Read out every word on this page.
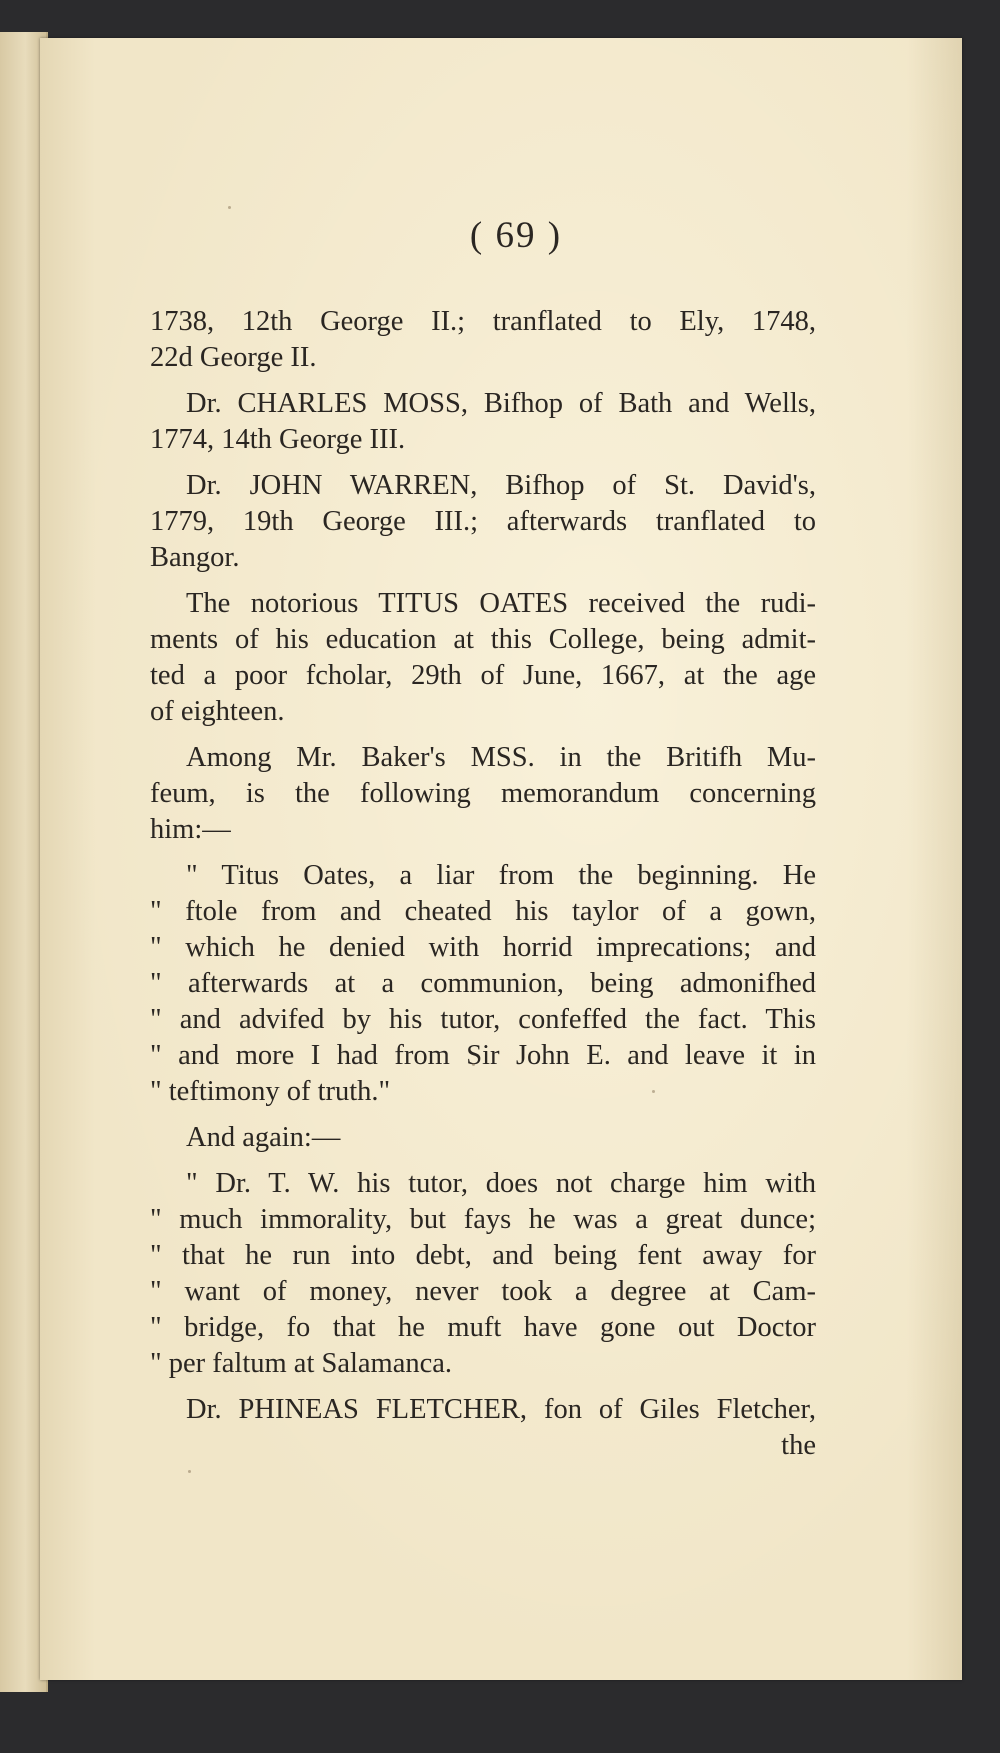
( 69 )
1738, 12th George II.; tranflated to Ely, 1748,
22d George II.
Dr. CHARLES MOSS, Bifhop of Bath and Wells,
1774, 14th George III.
Dr. JOHN WARREN, Bifhop of St. David's,
1779, 19th George III.; afterwards tranflated to
Bangor.
The notorious TITUS OATES received the rudi-
ments of his education at this College, being admit-
ted a poor fcholar, 29th of June, 1667, at the age
of eighteen.
Among Mr. Baker's MSS. in the Britifh Mu-
feum, is the following memorandum concerning
him:—
" Titus Oates, a liar from the beginning. He
" ftole from and cheated his taylor of a gown,
" which he denied with horrid imprecations; and
" afterwards at a communion, being admonifhed
" and advifed by his tutor, confeffed the fact. This
" and more I had from Sir John E. and leave it in
" teftimony of truth."
And again:—
" Dr. T. W. his tutor, does not charge him with
" much immorality, but fays he was a great dunce;
" that he run into debt, and being fent away for
" want of money, never took a degree at Cam-
" bridge, fo that he muft have gone out Doctor
" per faltum at Salamanca.
Dr. PHINEAS FLETCHER, fon of Giles Fletcher,
the
